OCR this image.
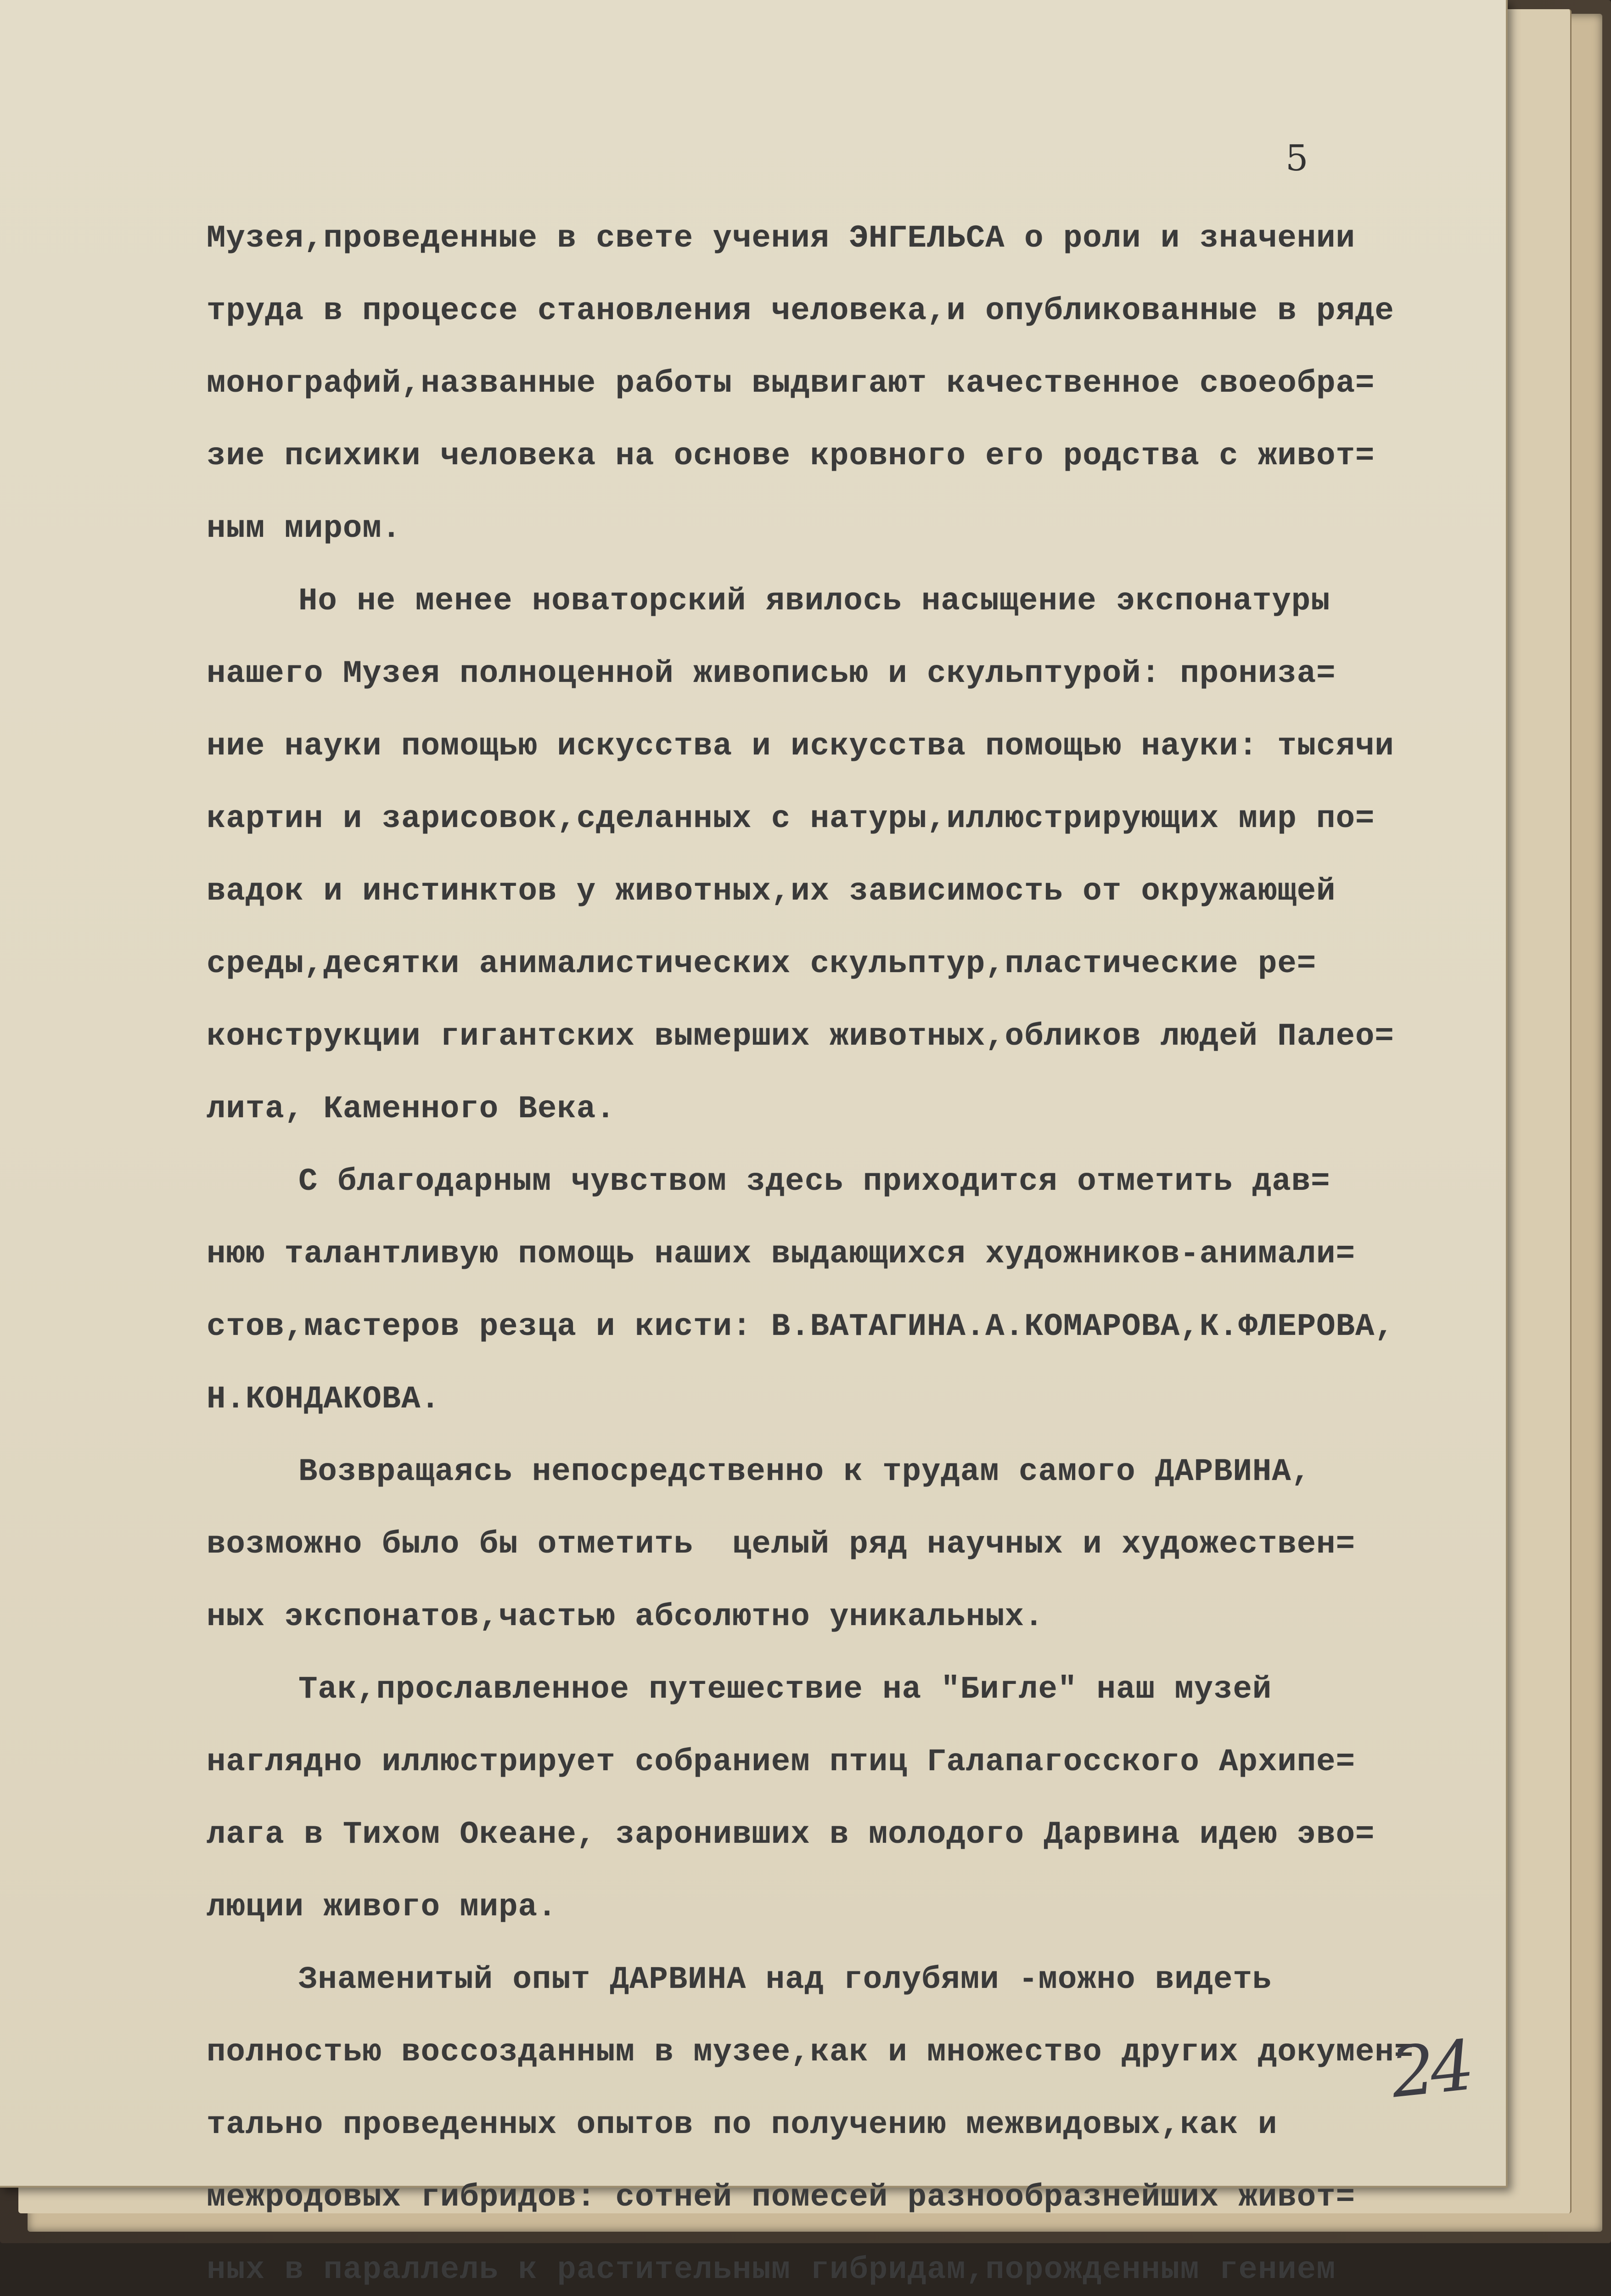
5
Музея,проведенные в свете учения ЭНГЕЛЬСА о роли и значении
труда в процессе становления человека,и опубликованные в ряде
монографий,названные работы выдвигают качественное своеобра=
зие психики человека на основе кровного его родства с живот=
ным миром.
Но не менее новаторский явилось насыщение экспонатуры
нашего Музея полноценной живописью и скульптурой: прониза=
ние науки помощью искусства и искусства помощью науки: тысячи
картин и зарисовок,сделанных с натуры,иллюстрирующих мир по=
вадок и инстинктов у животных,их зависимость от окружающей
среды,десятки анималистических скульптур,пластические ре=
конструкции гигантских вымерших животных,обликов людей Палео=
лита, Каменного Века.
С благодарным чувством здесь приходится отметить дав=
нюю талантливую помощь наших выдающихся художников-анимали=
стов,мастеров резца и кисти: В.ВАТАГИНА.А.КОМАРОВА,К.ФЛЕРОВА,
Н.КОНДАКОВА.
Возвращаясь непосредственно к трудам самого ДАРВИНА,
возможно было бы отметить  целый ряд научных и художествен=
ных экспонатов,частью абсолютно уникальных.
Так,прославленное путешествие на "Бигле" наш музей
наглядно иллюстрирует собранием птиц Галапагосского Архипе=
лага в Тихом Океане, заронивших в молодого Дарвина идею эво=
люции живого мира.
Знаменитый опыт ДАРВИНА над голубями -можно видеть
полностью воссозданным в музее,как и множество других докумен=
тально проведенных опытов по получению межвидовых,как и
межродовых гибридов: сотней помесей разнообразнейших живот=
ных в параллель к растительным гибридам,порожденным гением
24
